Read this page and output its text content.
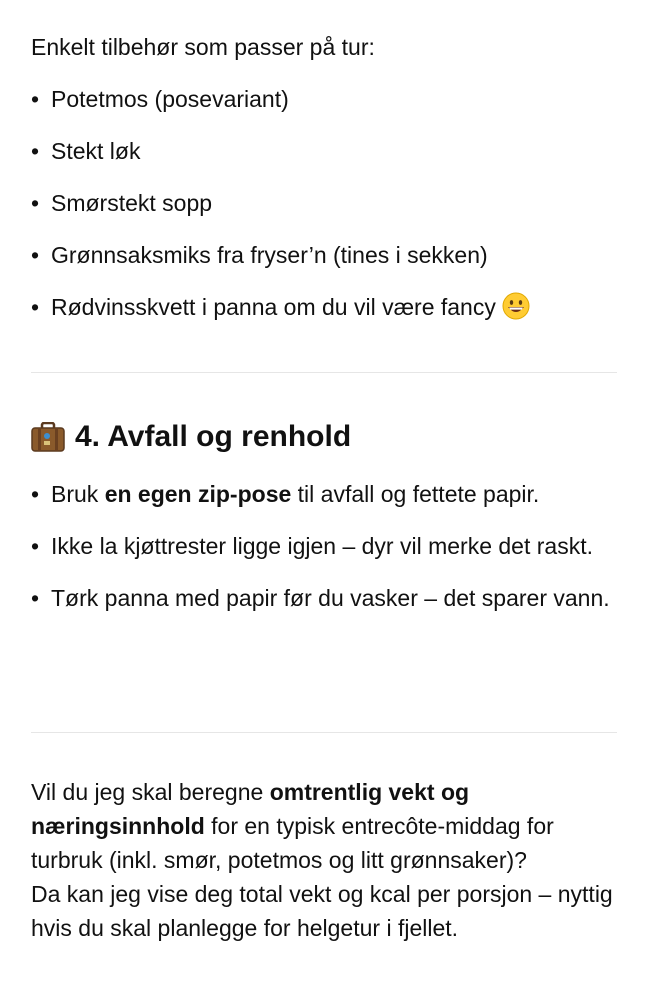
Enkelt tilbehør som passer på tur:

• Potetmos (posevariant)
• Stekt løk
• Smørstekt sopp
• Grønnsaksmiks fra fryser’n (tines i sekken)
• Rødvinsskvett i panna om du vil være fancy
4. Avfall og renhold
• Bruk en egen zip-pose til avfall og fettete papir.
• Ikke la kjøttrester ligge igjen – dyr vil merke det raskt.
• Tørk panna med papir før du vasker – det sparer vann.

Vil du jeg skal beregne omtrentlig vekt og næringsinnhold for en typisk entrecôte-middag for turbruk (inkl. smør, potetmos og litt grønnsaker)?
Da kan jeg vise deg total vekt og kcal per porsjon – nyttig hvis du skal planlegge for helgetur i fjellet.
